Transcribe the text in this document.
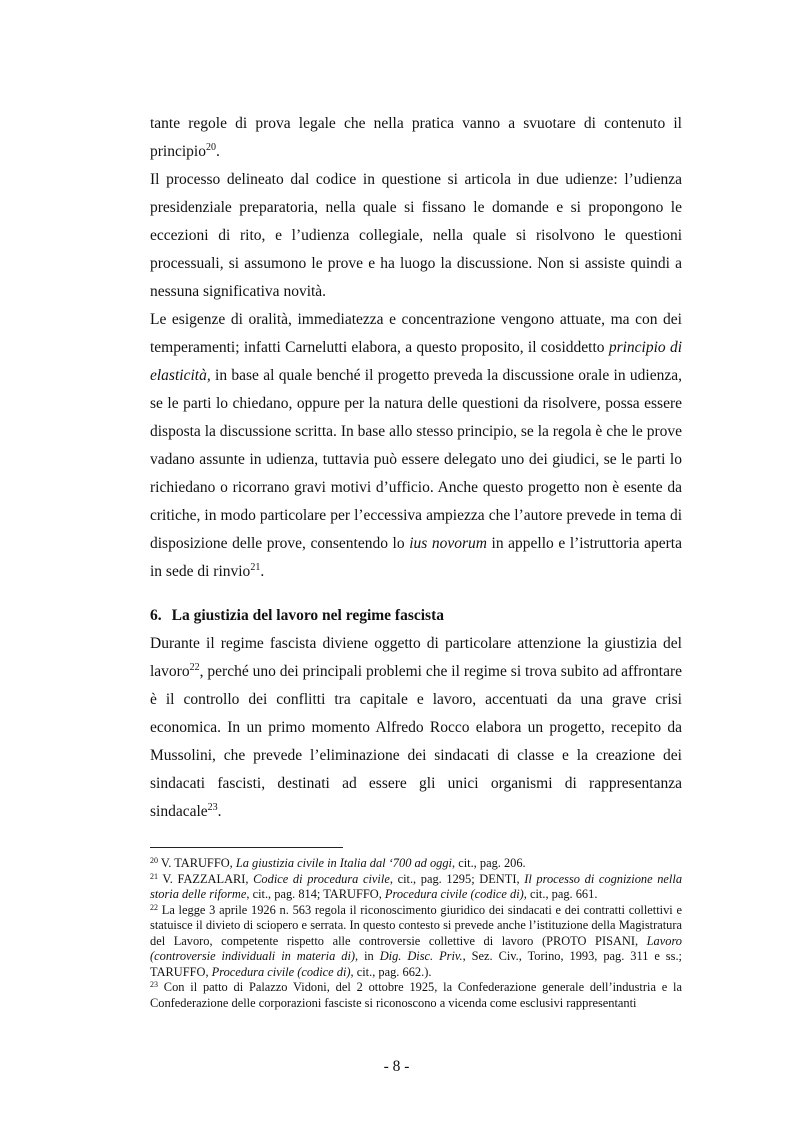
tante regole di prova legale che nella pratica vanno a svuotare di contenuto il principio$^{20}$.

Il processo delineato dal codice in questione si articola in due udienze: l’udienza presidenziale preparatoria, nella quale si fissano le domande e si propongono le eccezioni di rito, e l’udienza collegiale, nella quale si risolvono le questioni processuali, si assumono le prove e ha luogo la discussione. Non si assiste quindi a nessuna significativa novità.

Le esigenze di oralità, immediatezza e concentrazione vengono attuate, ma con dei temperamenti; infatti Carnelutti elabora, a questo proposito, il cosiddetto principio di elasticità, in base al quale benché il progetto preveda la discussione orale in udienza, se le parti lo chiedano, oppure per la natura delle questioni da risolvere, possa essere disposta la discussione scritta. In base allo stesso principio, se la regola è che le prove vadano assunte in udienza, tuttavia può essere delegato uno dei giudici, se le parti lo richiedano o ricorrano gravi motivi d’ufficio. Anche questo progetto non è esente da critiche, in modo particolare per l’eccessiva ampiezza che l’autore prevede in tema di disposizione delle prove, consentendo lo ius novorum in appello e l’istruttoria aperta in sede di rinvio$^{21}$.

6. La giustizia del lavoro nel regime fascista

Durante il regime fascista diviene oggetto di particolare attenzione la giustizia del lavoro$^{22}$, perché uno dei principali problemi che il regime si trova subito ad affrontare è il controllo dei conflitti tra capitale e lavoro, accentuati da una grave crisi economica. In un primo momento Alfredo Rocco elabora un progetto, recepito da Mussolini, che prevede l’eliminazione dei sindacati di classe e la creazione dei sindacati fascisti, destinati ad essere gli unici organismi di rappresentanza sindacale$^{23}$.

$^{20}$ V. TARUFFO, La giustizia civile in Italia dal ‘700 ad oggi, cit., pag. 206.

$^{21}$ V. FAZZALARI, Codice di procedura civile, cit., pag. 1295; DENTI, Il processo di cognizione nella storia delle riforme, cit., pag. 814; TARUFFO, Procedura civile (codice di), cit., pag. 661.

$^{22}$ La legge 3 aprile 1926 n. 563 regola il riconoscimento giuridico dei sindacati e dei contratti collettivi e statuisce il divieto di sciopero e serrata. In questo contesto si prevede anche l’istituzione della Magistratura del Lavoro, competente rispetto alle controversie collettive di lavoro (PROTO PISANI, Lavoro (controversie individuali in materia di), in Dig. Disc. Priv., Sez. Civ., Torino, 1993, pag. 311 e ss.; TARUFFO, Procedura civile (codice di), cit., pag. 662.).

$^{23}$ Con il patto di Palazzo Vidoni, del 2 ottobre 1925, la Confederazione generale dell’industria e la Confederazione delle corporazioni fasciste si riconoscono a vicenda come esclusivi rappresentanti

- 8 -
